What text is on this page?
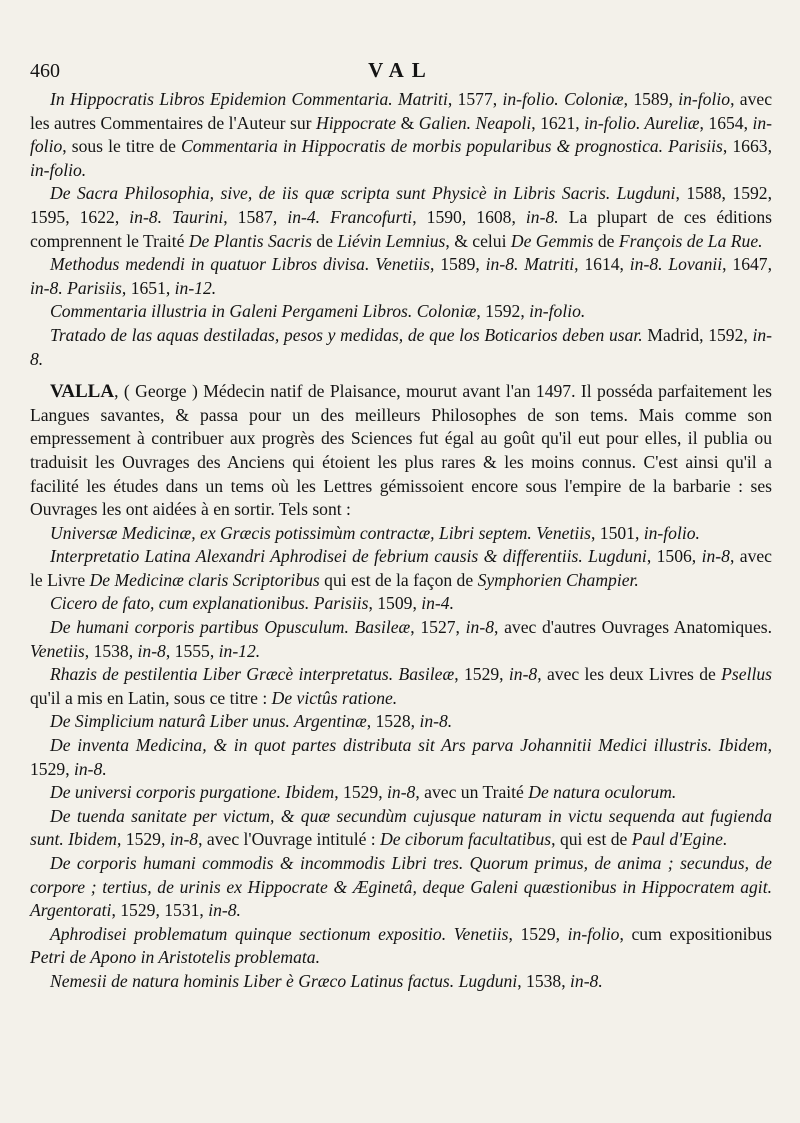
460	VAL

In Hippocratis Libros Epidemion Commentaria. Matriti, 1577, in-folio. Coloniæ, 1589, in-folio, avec les autres Commentaires de l'Auteur sur Hippocrate & Galien. Neapoli, 1621, in-folio. Aureliæ, 1654, in-folio, sous le titre de Commentaria in Hippocratis de morbis popularibus & prognostica. Parisiis, 1663, in-folio.

De Sacra Philosophia, sive, de iis quæ scripta sunt Physicè in Libris Sacris. Lugduni, 1588, 1592, 1595, 1622, in-8. Taurini, 1587, in-4. Francofurti, 1590, 1608, in-8. La plupart de ces éditions comprennent le Traité De Plantis Sacris de Liévin Lemnius, & celui De Gemmis de François de La Rue.

Methodus medendi in quatuor Libros divisa. Venetiis, 1589, in-8. Matriti, 1614, in-8. Lovanii, 1647, in-8. Parisiis, 1651, in-12.

Commentaria illustria in Galeni Pergameni Libros. Coloniæ, 1592, in-folio.

Tratado de las aquas destiladas, pesos y medidas, de que los Boticarios deben usar. Madrid, 1592, in-8.

VALLA, ( George ) Médecin natif de Plaisance, mourut avant l'an 1497. Il posséda parfaitement les Langues savantes, & passa pour un des meilleurs Philosophes de son tems. Mais comme son empressement à contribuer aux progrès des Sciences fut égal au goût qu'il eut pour elles, il publia ou traduisit les Ouvrages des Anciens qui étoient les plus rares & les moins connus. C'est ainsi qu'il a facilité les études dans un tems où les Lettres gémissoient encore sous l'empire de la barbarie : ses Ouvrages les ont aidées à en sortir. Tels sont :

Universæ Medicinæ, ex Græcis potissimùm contractæ, Libri septem. Venetiis, 1501, in-folio.

Interpretatio Latina Alexandri Aphrodisei de febrium causis & differentiis. Lugduni, 1506, in-8, avec le Livre De Medicinæ claris Scriptoribus qui est de la façon de Symphorien Champier.

Cicero de fato, cum explanationibus. Parisiis, 1509, in-4.

De humani corporis partibus Opusculum. Basileæ, 1527, in-8, avec d'autres Ouvrages Anatomiques. Venetiis, 1538, in-8, 1555, in-12.

Rhazis de pestilentia Liber Græcè interpretatus. Basileæ, 1529, in-8, avec les deux Livres de Psellus qu'il a mis en Latin, sous ce titre : De victûs ratione.

De Simplicium naturâ Liber unus. Argentinæ, 1528, in-8.

De inventa Medicina, & in quot partes distributa sit Ars parva Johannitii Medici illustris. Ibidem, 1529, in-8.

De universi corporis purgatione. Ibidem, 1529, in-8, avec un Traité De natura oculorum.

De tuenda sanitate per victum, & quæ secundùm cujusque naturam in victu sequenda aut fugienda sunt. Ibidem, 1529, in-8, avec l'Ouvrage intitulé : De ciborum facultatibus, qui est de Paul d'Egine.

De corporis humani commodis & incommodis Libri tres. Quorum primus, de anima ; secundus, de corpore ; tertius, de urinis ex Hippocrate & Æginetâ, deque Galeni quæstionibus in Hippocratem agit. Argentorati, 1529, 1531, in-8.

Aphrodisei problematum quinque sectionum expositio. Venetiis, 1529, in-folio, cum expositionibus Petri de Apono in Aristotelis problemata.

Nemesii de natura hominis Liber è Græco Latinus factus. Lugduni, 1538, in-8.
